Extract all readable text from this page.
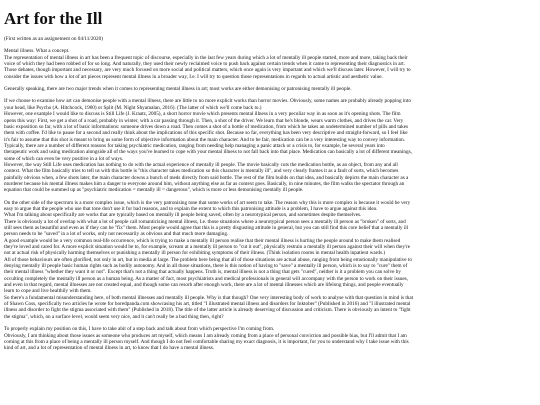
Art for the Ill

(First written as an assignement on 04/11/2020)

Mental illness. What a concept.
The representation of mental illness in art has been a frequent topic of discourse, especially in the last few years during which a lot of mentally ill people started, more and more, taking back their
voice of which they had been robbed of for so long. And naturally, they used their newly reclaimed voice to push back against certain trends when it came to representing their diagnostics in art.
Those debates, though important and necessary, are very much focused on more social and political matters, which once again is very important and which we'll discuss later. However, I will try to
consider the issues with how a lot of art pieces represent mental illness in a broader way, I.e. I will try to question those representations in regards to actual artistic and aesthetic value.

Generally speaking, there are two major trends when it comes to representing mental illness in art; most works are either demonising or patronising mentally ill people.

If we choose to examine how art can demonise people with a mental illness, there are little to no more explicit works than horror movies. Obviously, some names are probably already popping into
your head, like Psycho (A. Hitchcock, 1960) or Split (M. Night Shyamalan, 2016). (The latter of which we'll come back to.)
However, one example I would like to discuss is Still Life (J. Kraatz, 2005), a short horror movie which presents mental illness in a very peculiar way in as soon as it's opening shots. The film
opens this way: First, we get a shot of a road, probably in winter, with a car passing through it. Then, a shot of the driver. We learn that he's blonde, wears warm clothes, and drives the car. Very
basic exposition so far, with a lot of basic informations: someone drives down a road. Then comes a shot of a bottle of medication, from which he takes an undetermined number of pills and takes
them with coffee. I'd like to pause for a second and really think about the implications of this specific shot. Because so far, everything has been very descriptive and straight-forward, so I feel like
it's fair to assume that this shot is meant to bring us some form of objective information about the main character. And to be fair, medication can be a very interesting way to convey information.
Typically, there are a number of different reasons for taking psychiatric medication, ranging from needing help managing a panic attack or a crisis to, for example, be several years into
therapeutic work and using medication alongside all of the ways you've learned to cope with your mental illness to not fall back into that place. Medication can basically a lot of different meanings,
some of which can even be very positive in a lot of ways.
However, the way Still Life uses medication has nothing to do with the actual experience of mentally ill people. The movie basically cuts the medication bottle, as an object, from any and all
context. What the film basically tries to tell us with this bottle is "this character takes medication so this character is mentally ill", and very clearly frames it as a fault of sorts, which becomes
painfully obvious when, a few shots later, the main character downs a bunch of meds directly from said bottle. The rest of the film builds on that idea, and basically depicts the main character as a
murderer because his mental illness makes him a danger to everyone around him, without anything else as far as context goes. Basically, in nine minutes, the film walks the spectator through an
equation that could be summed up as "psychiatric medication = mentally ill = dangerous", which is more or less demonising mentally ill people.

On the other side of the spectrum is a more complex issue, which is the very patronising tone that some works of art seem to take. The reason why this is more complex is because it would be very
easy to argue that the people who use that tone don't use it for bad reasons, and to explain the extent to which this patronising attitude is a problem, I have to argue against this idea.
What I'm talking about specifically are works that are typically based on mentally ill people being saved, often by a neurotypical person, and sometimes despite themselves.
There is obviously a lot of overlap with what a lot of people call romanticising mental illness, I.e. those situations where a neurotypical person sees a mentally ill person as "broken" of sorts, and
still sees them as beautiful and even as if they can be "fix" them. Most people would agree that this is a pretty disgusting attitude in general, but you can still find this core belief that a mentally ill
person needs to be "saved" in a lot of works, only not necessarily as obvious and that much more damaging.
A good example would be a very common real-life occurrence, which is trying to make a mentally ill person realise that their mental illness is hurting the people around to make them realised
they're loved and cared for. A more explicit situation would be to, for example, scream at a mentally ill person to "cut it out", physically restrain a mentally ill person against their will when they're
not at actual risk of physically harming themselves or punishing a mentally ill person for exhibiting symptoms of their illness. (Think isolation rooms in mental health inpatient wards.)
All of those behaviours are often glorified, not only in art, but in media at large. The problem here being that all of those situations are actual abuse, ranging from being emotionally manipulative to
denying mentally ill people basic human rights such as bodily autonomy. And in all those situations, there is this notion of having to "save" a mentally ill person, which is to say to "cure" them of
their mental illness "whether they want it or not". Except that's not a thing that actually happens. Truth is, mental illness is not a thing that gets "cured", neither is it a problem you can solve by
occulting completely the mentally ill person as a human being. As a matter of fact, most psychiatrists and medical professionals in general will accompany with the person to work on their issues,
and even in that regard, mental illnesses are not created equal, and though some can resorb after enough work, there are a lot of mental illnesses which are lifelong things, and people eventually
learn to cope and live healthily with them.
So there's a fundamental misunderstanding here, of both mental illnesses and mentally ill people. Why is that though? One very interesting body of work to analyse with that question in mind is that
of Shawn Coss, specifically two articles he wrote for boredpanda.com showcasing his art, titled "I illustrated mental illness and disorders for Inktober" (Published in 2016) and "I illustrated mental
illness and disorder to fight the stigma associated with them" (Published in 2018). The title of the latter article is already deserving of discussion and criticism. There is obviously an intent to "fight
the stigma", which, on a surface level, would seem very nice, and it can't really be a bad thing then, right?

To properly explain my position on this, I have to take abit of a step back and talk about from which perspective I'm coming from.
Obviously, I am thinking about those issues as someone who produces art myself, which means I am already coming from a place of personal conviction and possible bias, but I'll admit that I am
coming at this from a place of being a mentally ill person myself. And though I do not feel comfortable sharing my exact diagnosis, it is important, for you to understand why I take issue with this
kind of art, and a lot of representation of mental illness in art, to know that I do have a mental illness.
